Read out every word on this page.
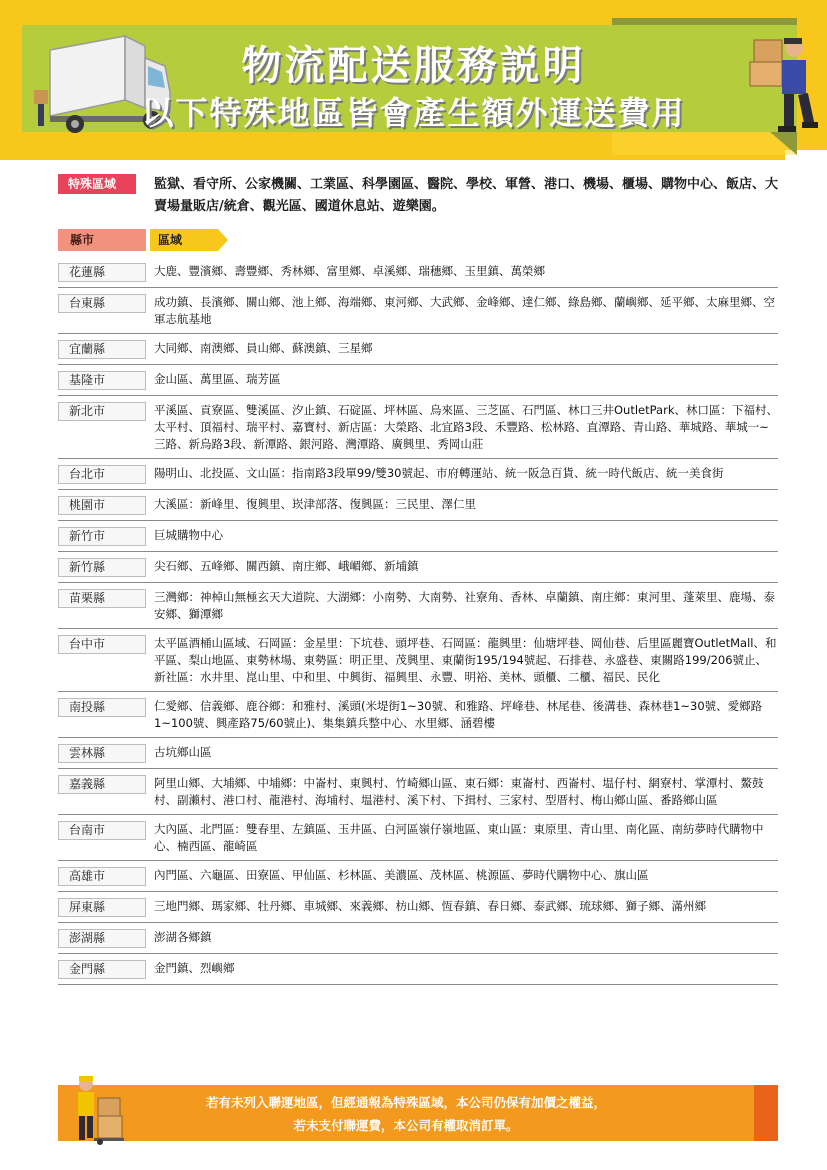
物流配送服務説明
以下特殊地區皆會產生額外運送費用
特殊區域	監獄、看守所、公家機關、工業區、科學園區、醫院、學校、軍營、港口、機場、櫃場、購物中心、飯店、大賣場量販店/統倉、觀光區、國道休息站、遊樂園。
縣市	區域
花蓮縣	大鹿、豐濱鄉、壽豐鄉、秀林鄉、富里鄉、卓溪鄉、瑞穗鄉、玉里鎮、萬榮鄉
台東縣	成功鎮、長濱鄉、關山鄉、池上鄉、海端鄉、東河鄉、大武鄉、金峰鄉、達仁鄉、綠島鄉、蘭嶼鄉、延平鄉、太麻里鄉、空軍志航基地
宜蘭縣	大同鄉、南澳鄉、員山鄉、蘇澳鎮、三星鄉
基隆市	金山區、萬里區、瑞芳區
新北市	平溪區、貢寮區、雙溪區、汐止鎮、石碇區、坪林區、烏來區、三芝區、石門區、林口三井OutletPark、林口區：下福村、太平村、頂福村、瑞平村、嘉寶村、新店區：大榮路、北宜路3段、禾豐路、松林路、直潭路、青山路、華城路、華城一~三路、新烏路3段、新潭路、銀河路、灣潭路、廣興里、秀岡山莊
台北市	陽明山、北投區、文山區：指南路3段單99/雙30號起、市府轉運站、統一阪急百貨、統一時代飯店、統一美食街
桃園市	大溪區：新峰里、復興里、崁津部落、復興區：三民里、澤仁里
新竹市	巨城購物中心
新竹縣	尖石鄉、五峰鄉、關西鎮、南庄鄉、峨嵋鄉、新埔鎮
苗栗縣	三灣鄉：神棹山無極玄天大道院、大湖鄉：小南勢、大南勢、社寮角、香林、卓蘭鎮、南庄鄉：東河里、蓬萊里、鹿場、泰安鄉、獅潭鄉
台中市	太平區酒桶山區域、石岡區：金星里：下坑巷、頭坪巷、石岡區：龍興里：仙塘坪巷、岡仙巷、后里區麗寶OutletMall、和平區、梨山地區、東勢林場、東勢區：明正里、茂興里、東蘭街195/194號起、石排巷、永盛巷、東關路199/206號止、新社區：水井里、崑山里、中和里、中興街、福興里、永豐、明裕、美林、頭櫃、二櫃、福民、民化
南投縣	仁愛鄉、信義鄉、鹿谷鄉：和雅村、溪頭(米堤街1~30號、和雅路、坪峰巷、林尾巷、後溝巷、森林巷1~30號、愛鄉路1~100號、興產路75/60號止)、集集鎮兵整中心、水里鄉、涵碧樓
雲林縣	古坑鄉山區
嘉義縣	阿里山鄉、大埔鄉、中埔鄉：中崙村、東興村、竹崎鄉山區、東石鄉：東崙村、西崙村、塭仔村、網寮村、掌潭村、鰲鼓村、副瀨村、港口村、龍港村、海埔村、塭港村、溪下村、下揖村、三家村、型厝村、梅山鄉山區、番路鄉山區
台南市	大內區、北門區：雙春里、左鎮區、玉井區、白河區嶺仔嶺地區、東山區：東原里、青山里、南化區、南紡夢時代購物中心、楠西區、龍崎區
高雄市	內門區、六龜區、田寮區、甲仙區、杉林區、美濃區、茂林區、桃源區、夢時代購物中心、旗山區
屏東縣	三地門鄉、瑪家鄉、牡丹鄉、車城鄉、來義鄉、枋山鄉、恆春鎮、春日鄉、泰武鄉、琉球鄉、獅子鄉、滿州鄉
澎湖縣	澎湖各鄉鎮
金門縣	金門鎮、烈嶼鄉
若有未列入聯運地區，但經通報為特殊區域，本公司仍保有加價之權益，
若未支付聯運費，本公司有權取消訂單。
